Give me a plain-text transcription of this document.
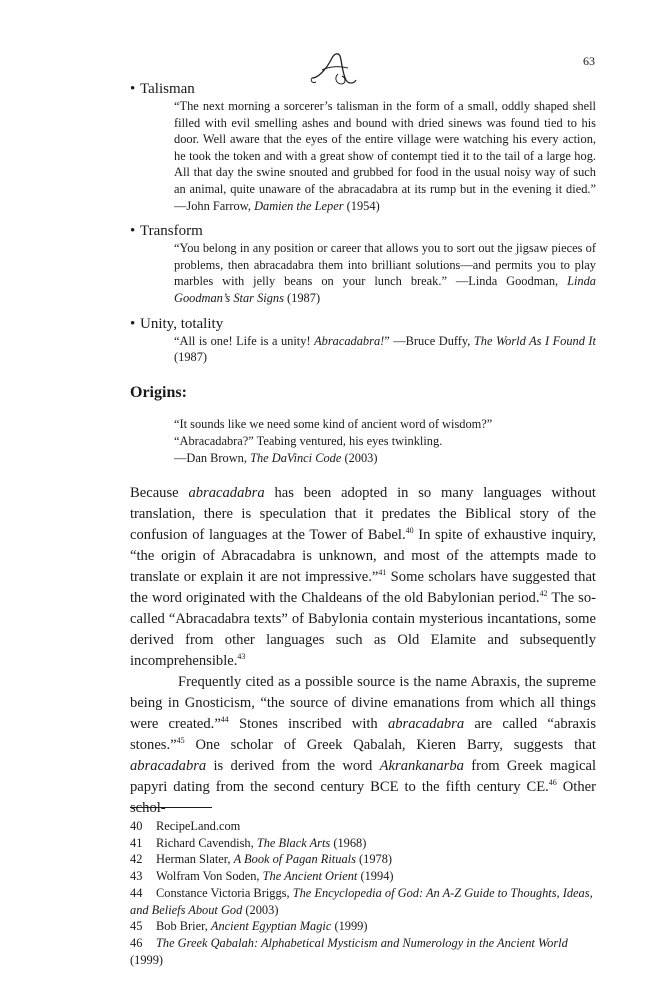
63

• Talisman

“The next morning a sorcerer’s talisman in the form of a small, oddly shaped shell filled with evil smelling ashes and bound with dried sinews was found tied to his door. Well aware that the eyes of the entire village were watching his every action, he took the token and with a great show of contempt tied it to the tail of a large hog. All that day the swine snouted and grubbed for food in the usual noisy way of such an animal, quite unaware of the abracadabra at its rump but in the evening it died.” —John Farrow, Damien the Leper (1954)

• Transform

“You belong in any position or career that allows you to sort out the jigsaw pieces of problems, then abracadabra them into brilliant solutions—and permits you to play marbles with jelly beans on your lunch break.” —Linda Goodman, Linda Goodman’s Star Signs (1987)

• Unity, totality

“All is one! Life is a unity! Abracadabra!” —Bruce Duffy, The World As I Found It (1987)

Origins:
“It sounds like we need some kind of ancient word of wisdom?”
“Abracadabra?” Teabing ventured, his eyes twinkling.
—Dan Brown, The DaVinci Code (2003)

Because abracadabra has been adopted in so many languages without translation, there is speculation that it predates the Biblical story of the confusion of languages at the Tower of Babel.$^{40}$ In spite of exhaustive inquiry, “the origin of Abracadabra is unknown, and most of the attempts made to translate or explain it are not impressive.”$^{41}$ Some scholars have suggested that the word originated with the Chaldeans of the old Babylonian period.$^{42}$ The so-called “Abracadabra texts” of Babylonia contain mysterious incantations, some derived from other languages such as Old Elamite and subsequently incomprehensible.$^{43}$

Frequently cited as a possible source is the name Abraxis, the supreme being in Gnosticism, “the source of divine emanations from which all things were created.”$^{44}$ Stones inscribed with abracadabra are called “abraxis stones.”$^{45}$ One scholar of Greek Qabalah, Kieren Barry, suggests that abracadabra is derived from the word Akrankanarba from Greek magical papyri dating from the second century BCE to the fifth century CE.$^{46}$ Other schol-

40 RecipeLand.com

41 Richard Cavendish, The Black Arts (1968)

42 Herman Slater, A Book of Pagan Rituals (1978)

43 Wolfram Von Soden, The Ancient Orient (1994)

44 Constance Victoria Briggs, The Encyclopedia of God: An A-Z Guide to Thoughts, Ideas, and Beliefs About God (2003)

45 Bob Brier, Ancient Egyptian Magic (1999)

46 The Greek Qabalah: Alphabetical Mysticism and Numerology in the Ancient World (1999)
